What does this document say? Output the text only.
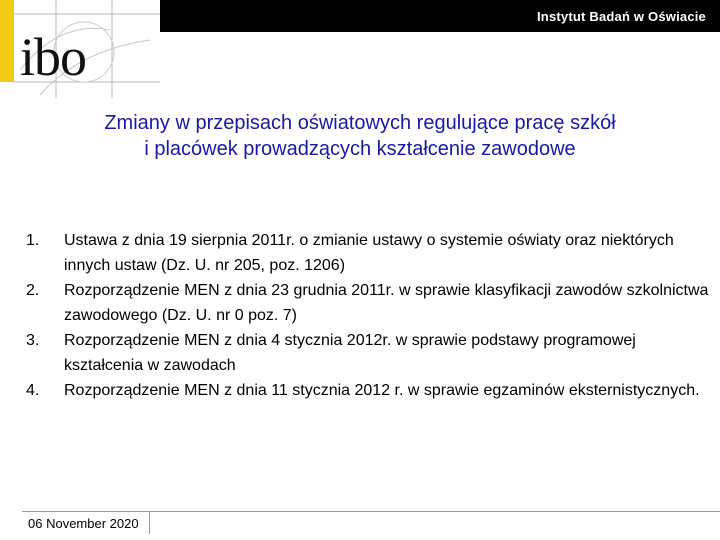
ibo
Instytut Badań w Oświacie
Zmiany w przepisach oświatowych regulujące pracę szkół
i placówek prowadzących kształcenie zawodowe
1. Ustawa z dnia 19 sierpnia 2011r. o zmianie ustawy o systemie oświaty oraz niektórych innych ustaw (Dz. U. nr 205, poz. 1206)
2. Rozporządzenie MEN z dnia 23 grudnia 2011r. w sprawie klasyfikacji zawodów szkolnictwa zawodowego (Dz. U. nr 0 poz. 7)
3. Rozporządzenie MEN z dnia 4 stycznia 2012r. w sprawie podstawy programowej kształcenia w zawodach
4. Rozporządzenie MEN z dnia 11 stycznia 2012 r. w sprawie egzaminów eksternistycznych.
06 November 2020
